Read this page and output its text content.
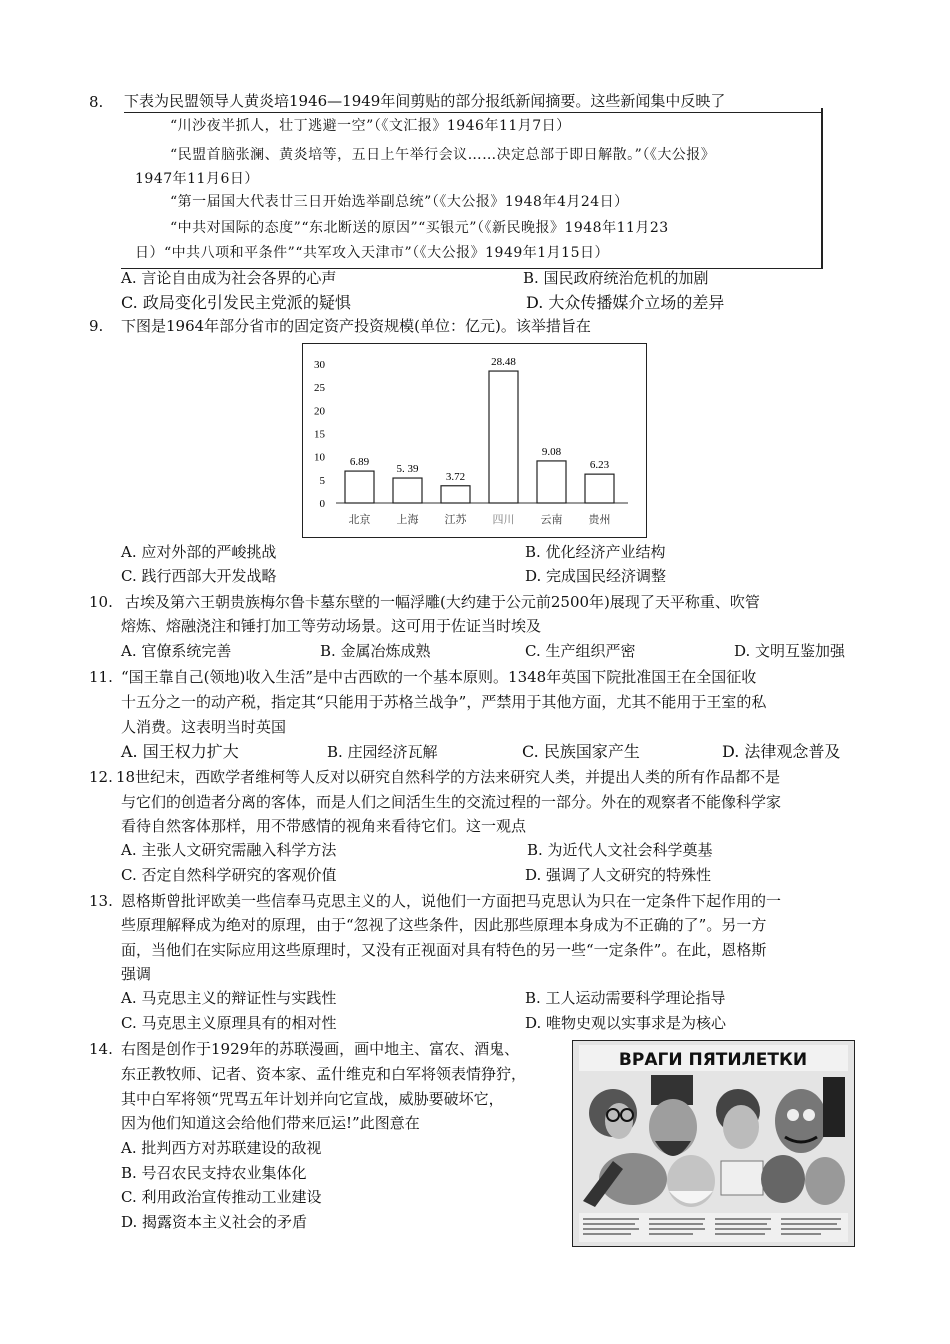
8. 下表为民盟领导人黄炎培1946—1949年间剪贴的部分报纸新闻摘要。这些新闻集中反映了
“川沙夜半抓人，壮丁逃避一空”（《文汇报》1946年11月7日）
“民盟首脑张澜、黄炎培等，五日上午举行会议……决定总部于即日解散。”（《大公报》
1947年11月6日）
“第一届国大代表廿三日开始选举副总统”（《大公报》1948年4月24日）
“中共对国际的态度”“东北断送的原因”“买银元”（《新民晚报》1948年11月23
日）“中共八项和平条件”“共军攻入天津市”（《大公报》1949年1月15日）
A. 言论自由成为社会各界的心声	B. 国民政府统治危机的加剧
C. 政局变化引发民主党派的疑惧	D. 大众传播媒介立场的差异
9. 下图是1964年部分省市的固定资产投资规模(单位：亿元)。该举措旨在
0
5
10
15
20
25
30
6.89
5. 39
3.72
28.48
9.08
6.23
北京 上海 江苏 四川 云南 贵州
A. 应对外部的严峻挑战	B. 优化经济产业结构
C. 践行西部大开发战略	D. 完成国民经济调整
10. 古埃及第六王朝贵族梅尔鲁卡墓东壁的一幅浮雕(大约建于公元前2500年)展现了天平称重、吹管
熔炼、熔融浇注和锤打加工等劳动场景。这可用于佐证当时埃及
A. 官僚系统完善	B. 金属冶炼成熟	C. 生产组织严密	D. 文明互鉴加强
11. “国王靠自己(领地)收入生活”是中古西欧的一个基本原则。1348年英国下院批准国王在全国征收
十五分之一的动产税，指定其“只能用于苏格兰战争”，严禁用于其他方面，尤其不能用于王室的私
人消费。这表明当时英国
A. 国王权力扩大	B. 庄园经济瓦解	C. 民族国家产生	D. 法律观念普及
12. 18世纪末，西欧学者维柯等人反对以研究自然科学的方法来研究人类，并提出人类的所有作品都不是
与它们的创造者分离的客体，而是人们之间活生生的交流过程的一部分。外在的观察者不能像科学家
看待自然客体那样，用不带感情的视角来看待它们。这一观点
A. 主张人文研究需融入科学方法	B. 为近代人文社会科学奠基
C. 否定自然科学研究的客观价值	D. 强调了人文研究的特殊性
13. 恩格斯曾批评欧美一些信奉马克思主义的人，说他们一方面把马克思认为只在一定条件下起作用的一
些原理解释成为绝对的原理，由于“忽视了这些条件，因此那些原理本身成为不正确的了”。另一方
面，当他们在实际应用这些原理时，又没有正视面对具有特色的另一些“一定条件”。在此，恩格斯
强调
A. 马克思主义的辩证性与实践性	B. 工人运动需要科学理论指导
C. 马克思主义原理具有的相对性	D. 唯物史观以实事求是为核心
14. 右图是创作于1929年的苏联漫画，画中地主、富农、酒鬼、
东正教牧师、记者、资本家、孟什维克和白军将领表情狰狞，
其中白军将领“咒骂五年计划并向它宣战，威胁要破坏它，
因为他们知道这会给他们带来厄运!”此图意在
A. 批判西方对苏联建设的敌视
B. 号召农民支持农业集体化
C. 利用政治宣传推动工业建设
D. 揭露资本主义社会的矛盾
ВРАГИ ПЯТИЛЕТКИ
